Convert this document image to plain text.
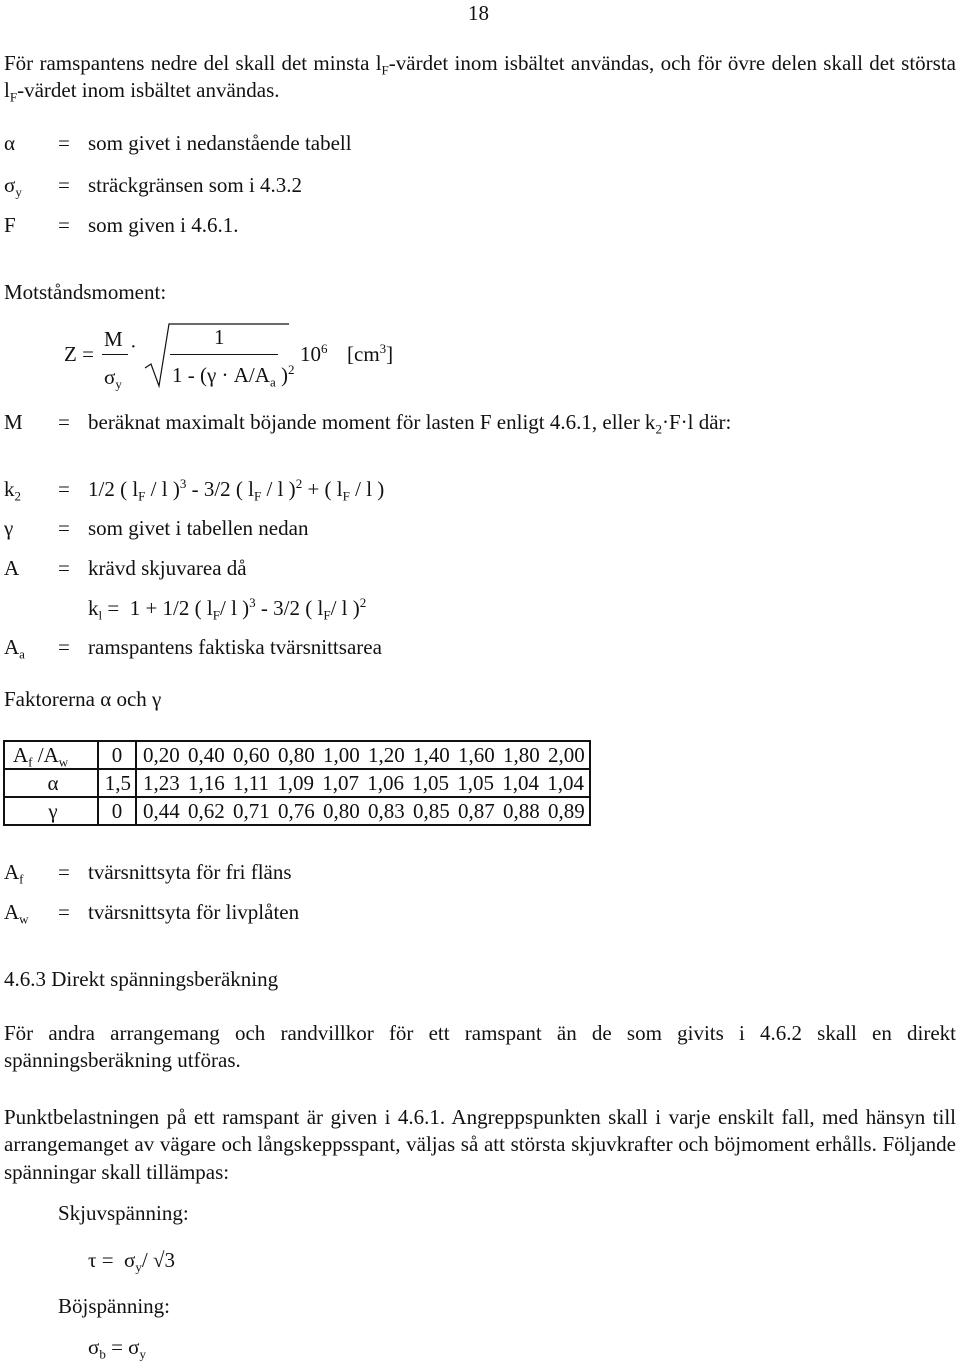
18
För ramspantens nedre del skall det minsta $l_F$-värdet inom isbältet användas, och för övre delen skall det största $l_F$-värdet inom isbältet användas.
α = som givet i nedanstående tabell
$\sigma_y$ = sträckgränsen som i 4.3.2
F = som given i 4.6.1.
Motståndsmoment:
Z =
M
$\sigma_y$
·	1
$1 - (\gamma \cdot A/A_a$ )$^2$
$10^6$ $[cm^3]$
M = beräknat maximalt böjande moment för lasten F enligt 4.6.1, eller $k_2\cdot F\cdot l$ där:
$k_2 = 1/2$ ( $l_F$ / l )$^3$ - 3/2 ( $l_F$ / l )$^2$ + ( $l_F$ / l )
γ = som givet i tabellen nedan
A = krävd skjuvarea då
$k_l = 1 + 1/2$ ( $l_F/$ l )$^3$ - 3/2 ( $l_F/$ l )$^2$
$A_a$ = ramspantens faktiska tvärsnittsarea
Faktorerna α och γ
$A_f$ $/A_w$	0	0,20 0,40 0,60 0,80 1,00 1,20 1,40 1,60 1,80 2,00
α	1,5	1,23 1,16 1,11 1,09 1,07 1,06 1,05 1,05 1,04 1,04
γ	0	0,44 0,62 0,71 0,76 0,80 0,83 0,85 0,87 0,88 0,89
$A_f$ = tvärsnittsyta för fri fläns
$A_w$ = tvärsnittsyta för livplåten
4.6.3 Direkt spänningsberäkning
För andra arrangemang och randvillkor för ett ramspant än de som givits i 4.6.2 skall en direkt spänningsberäkning utföras.
Punktbelastningen på ett ramspant är given i 4.6.1. Angreppspunkten skall i varje enskilt fall, med hänsyn till arrangemanget av vägare och långskeppsspant, väljas så att största skjuvkrafter och böjmoment erhålls. Följande spänningar skall tillämpas:
Skjuvspänning:
$\tau = \sigma_y/$ √3
Böjspänning:
$\sigma_b = \sigma_y$
